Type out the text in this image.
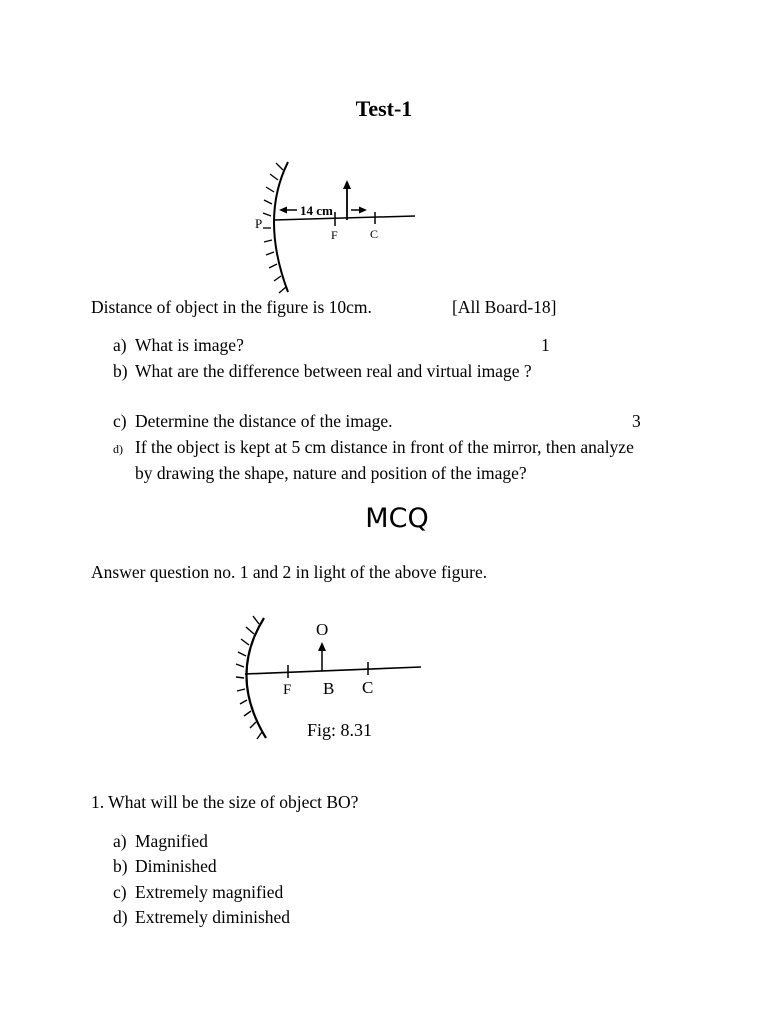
Test-1
P
14 cm
F	C
Distance of object in the figure is 10cm.	[All Board-18]
a) What is image?	1
b) What are the difference between real and virtual image ?
c) Determine the distance of the image.	3
d) If the object is kept at 5 cm distance in front of the mirror, then analyze
by drawing the shape, nature and position of the image?
MCQ
Answer question no. 1 and 2 in light of the above figure.
O
F B C
Fig: 8.31
1. What will be the size of object BO?
a) Magnified
b) Diminished
c) Extremely magnified
d) Extremely diminished
